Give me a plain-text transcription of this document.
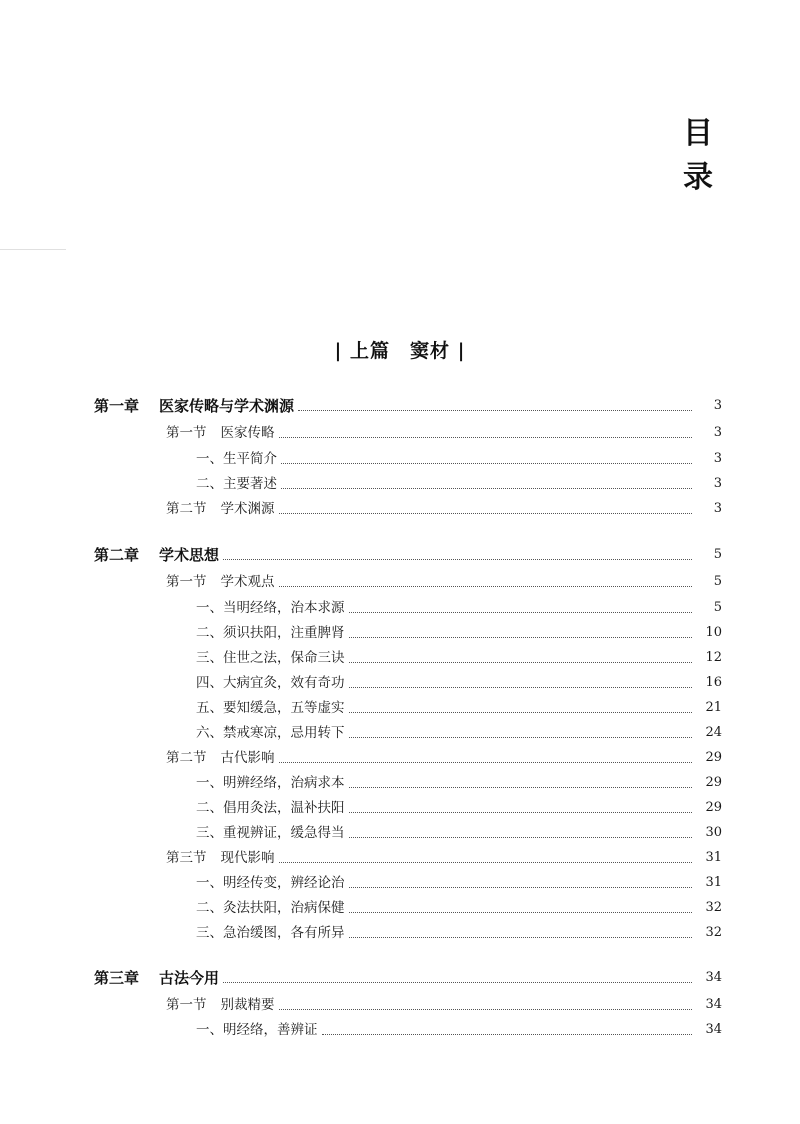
目
录
| 上篇　窦材 |
第一章 医家传略与学术渊源	3
第一节 医家传略	3
一、生平简介	3
二、主要著述	3
第二节 学术渊源	3
第二章 学术思想	5
第一节 学术观点	5
一、当明经络，治本求源	5
二、须识扶阳，注重脾肾	10
三、住世之法，保命三诀	12
四、大病宜灸，效有奇功	16
五、要知缓急，五等虚实	21
六、禁戒寒凉，忌用转下	24
第二节 古代影响	29
一、明辨经络，治病求本	29
二、倡用灸法，温补扶阳	29
三、重视辨证，缓急得当	30
第三节 现代影响	31
一、明经传变，辨经论治	31
二、灸法扶阳，治病保健	32
三、急治缓图，各有所异	32
第三章 古法今用	34
第一节 别裁精要	34
一、明经络，善辨证	34
